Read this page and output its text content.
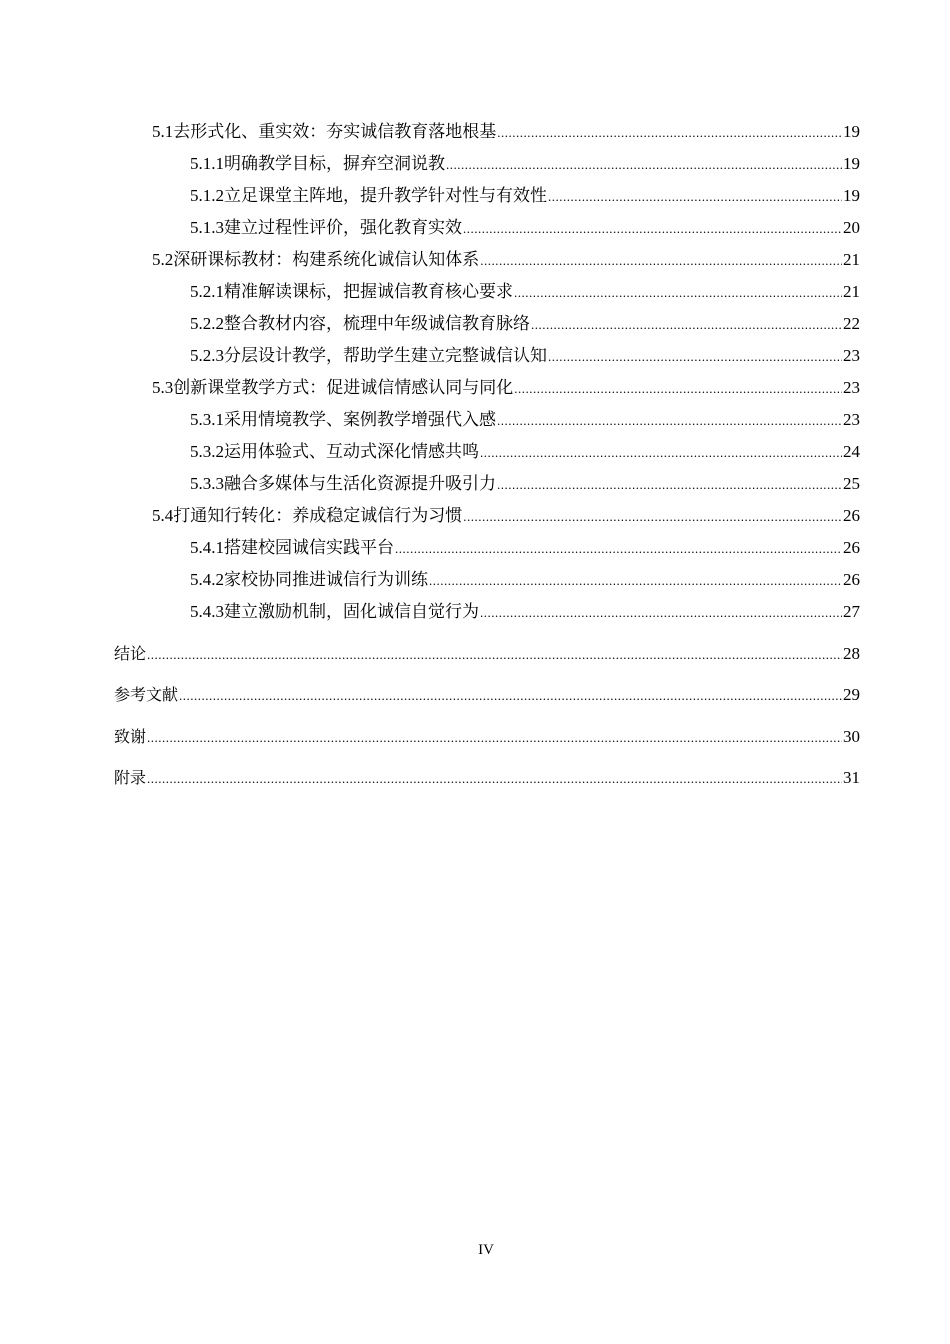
5.1 去形式化、重实效：夯实诚信教育落地根基 .....	19
5.1.1 明确教学目标，摒弃空洞说教 .....	19
5.1.2 立足课堂主阵地，提升教学针对性与有效性 .....	19
5.1.3 建立过程性评价，强化教育实效 .....	20
5.2 深研课标教材：构建系统化诚信认知体系 .....	21
5.2.1 精准解读课标，把握诚信教育核心要求 .....	21
5.2.2 整合教材内容，梳理中年级诚信教育脉络 .....	22
5.2.3 分层设计教学，帮助学生建立完整诚信认知 .....	23
5.3 创新课堂教学方式：促进诚信情感认同与同化 .....	23
5.3.1 采用情境教学、案例教学增强代入感 .....	23
5.3.2 运用体验式、互动式深化情感共鸣 .....	24
5.3.3 融合多媒体与生活化资源提升吸引力 .....	25
5.4 打通知行转化：养成稳定诚信行为习惯 .....	26
5.4.1 搭建校园诚信实践平台 .....	26
5.4.2 家校协同推进诚信行为训练 .....	26
5.4.3 建立激励机制，固化诚信自觉行为 .....	27
结论 .....	28
参考文献 .....	29
致谢 .....	30
附录 .....	31
IV
